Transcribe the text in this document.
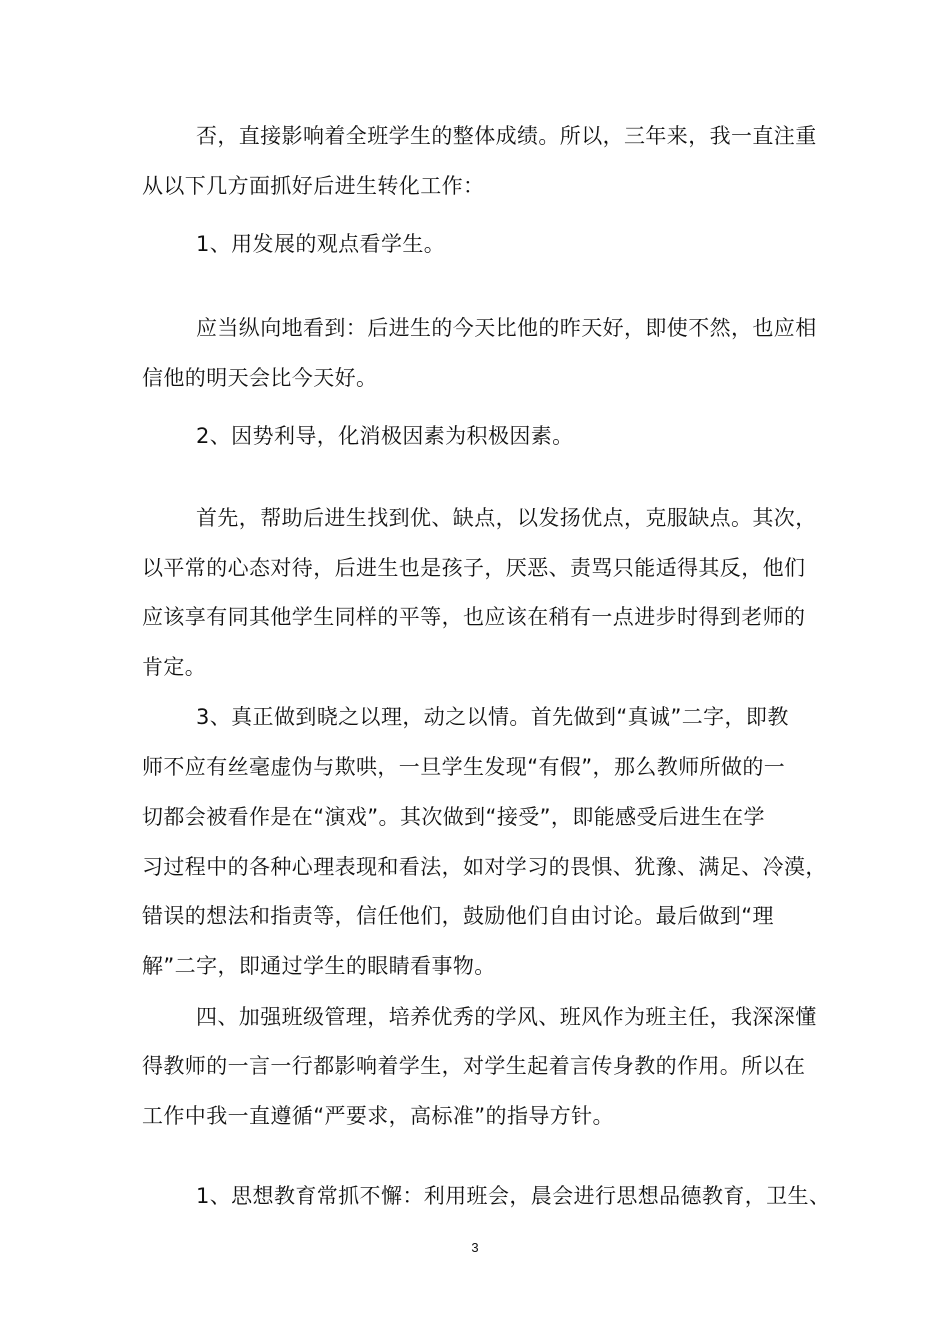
否，直接影响着全班学生的整体成绩。所以，三年来，我一直注重

从以下几方面抓好后进生转化工作：

1、用发展的观点看学生。

应当纵向地看到：后进生的今天比他的昨天好，即使不然，也应相

信他的明天会比今天好。

2、因势利导，化消极因素为积极因素。

首先，帮助后进生找到优、缺点，以发扬优点，克服缺点。其次，

以平常的心态对待，后进生也是孩子，厌恶、责骂只能适得其反，他们

应该享有同其他学生同样的平等，也应该在稍有一点进步时得到老师的

肯定。

3、真正做到晓之以理，动之以情。首先做到“真诚”二字，即教

师不应有丝毫虚伪与欺哄，一旦学生发现“有假”，那么教师所做的一

切都会被看作是在“演戏”。其次做到“接受”，即能感受后进生在学

习过程中的各种心理表现和看法，如对学习的畏惧、犹豫、满足、冷漠，

错误的想法和指责等，信任他们，鼓励他们自由讨论。最后做到“理

解”二字，即通过学生的眼睛看事物。

四、加强班级管理，培养优秀的学风、班风作为班主任，我深深懂

得教师的一言一行都影响着学生，对学生起着言传身教的作用。所以在

工作中我一直遵循“严要求，高标准”的指导方针。

1、思想教育常抓不懈：利用班会，晨会进行思想品德教育，卫生、

3
